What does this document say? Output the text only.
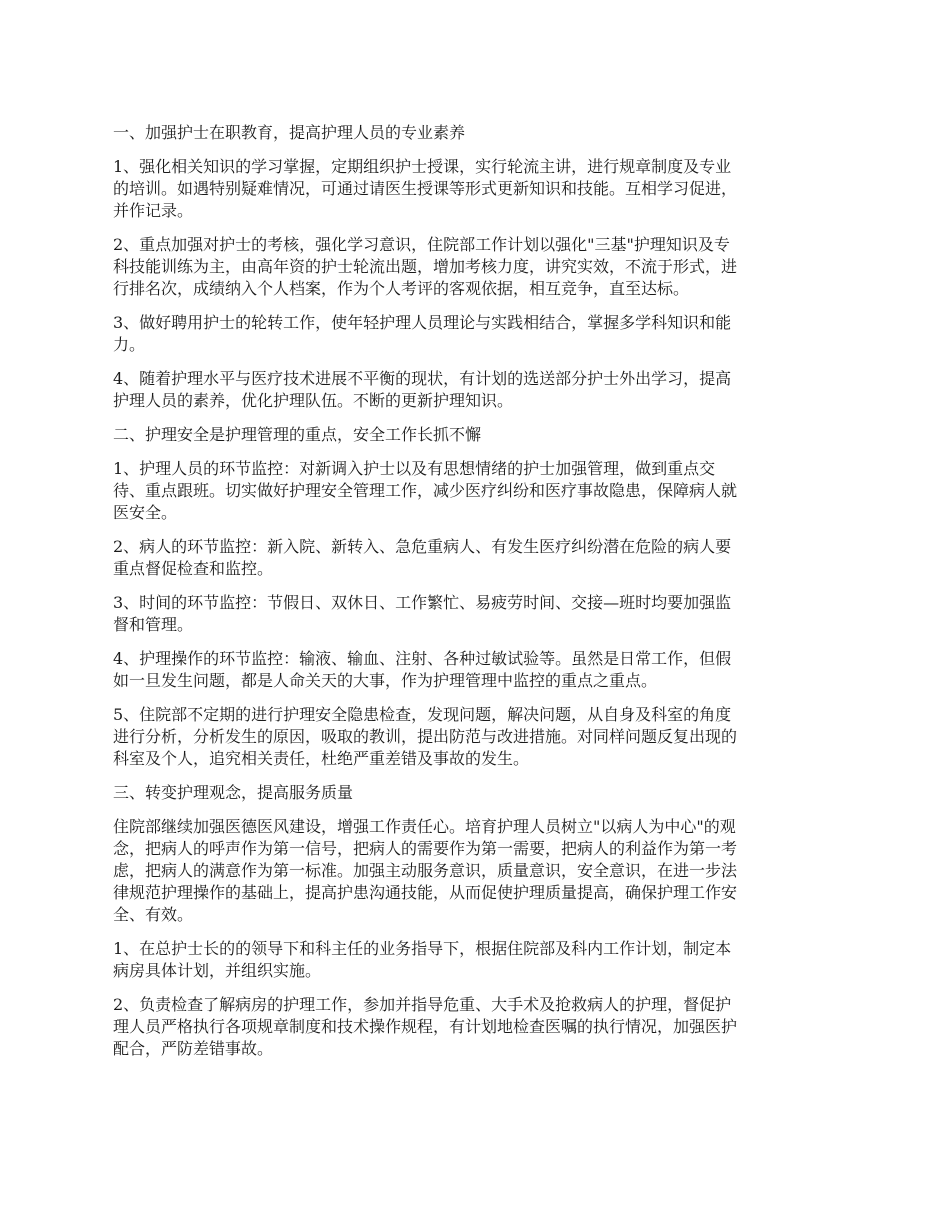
一、加强护士在职教育，提高护理人员的专业素养

1、强化相关知识的学习掌握，定期组织护士授课，实行轮流主讲，进行规章制度及专业
的培训。如遇特别疑难情况，可通过请医生授课等形式更新知识和技能。互相学习促进，
并作记录。

2、重点加强对护士的考核，强化学习意识，住院部工作计划以强化"三基"护理知识及专
科技能训练为主，由高年资的护士轮流出题，增加考核力度，讲究实效，不流于形式，进
行排名次，成绩纳入个人档案，作为个人考评的客观依据，相互竞争，直至达标。

3、做好聘用护士的轮转工作，使年轻护理人员理论与实践相结合，掌握多学科知识和能
力。

4、随着护理水平与医疗技术进展不平衡的现状，有计划的选送部分护士外出学习，提高
护理人员的素养，优化护理队伍。不断的更新护理知识。

二、护理安全是护理管理的重点，安全工作长抓不懈

1、护理人员的环节监控：对新调入护士以及有思想情绪的护士加强管理，做到重点交
待、重点跟班。切实做好护理安全管理工作，减少医疗纠纷和医疗事故隐患，保障病人就
医安全。

2、病人的环节监控：新入院、新转入、急危重病人、有发生医疗纠纷潜在危险的病人要
重点督促检查和监控。

3、时间的环节监控：节假日、双休日、工作繁忙、易疲劳时间、交接—班时均要加强监
督和管理。

4、护理操作的环节监控：输液、输血、注射、各种过敏试验等。虽然是日常工作，但假
如一旦发生问题，都是人命关天的大事，作为护理管理中监控的重点之重点。

5、住院部不定期的进行护理安全隐患检查，发现问题，解决问题，从自身及科室的角度
进行分析，分析发生的原因，吸取的教训，提出防范与改进措施。对同样问题反复出现的
科室及个人，追究相关责任，杜绝严重差错及事故的发生。

三、转变护理观念，提高服务质量

住院部继续加强医德医风建设，增强工作责任心。培育护理人员树立"以病人为中心"的观
念，把病人的呼声作为第一信号，把病人的需要作为第一需要，把病人的利益作为第一考
虑，把病人的满意作为第一标准。加强主动服务意识，质量意识，安全意识，在进一步法
律规范护理操作的基础上，提高护患沟通技能，从而促使护理质量提高，确保护理工作安
全、有效。

1、在总护士长的的领导下和科主任的业务指导下，根据住院部及科内工作计划，制定本
病房具体计划，并组织实施。

2、负责检查了解病房的护理工作，参加并指导危重、大手术及抢救病人的护理，督促护
理人员严格执行各项规章制度和技术操作规程，有计划地检查医嘱的执行情况，加强医护
配合，严防差错事故。
